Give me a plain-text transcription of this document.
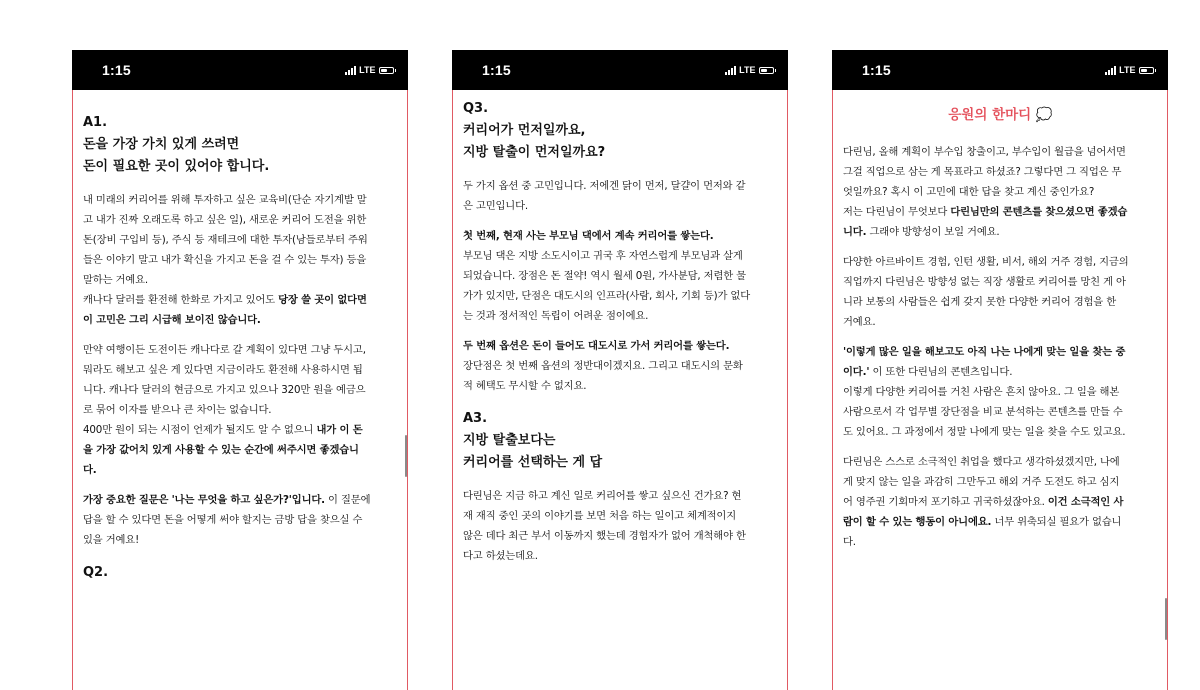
1:15	LTE

A1.

돈을 가장 가치 있게 쓰려면

돈이 필요한 곳이 있어야 합니다.

내 미래의 커리어를 위해 투자하고 싶은 교육비(단순 자기계발 말

고 내가 진짜 오래도록 하고 싶은 일), 새로운 커리어 도전을 위한

돈(장비 구입비 등), 주식 등 재테크에 대한 투자(남들로부터 주워

들은 이야기 말고 내가 확신을 가지고 돈을 걸 수 있는 투자) 등을

말하는 거예요.

캐나다 달러를 환전해 한화로 가지고 있어도 당장 쓸 곳이 없다면

이 고민은 그리 시급해 보이진 않습니다.

만약 여행이든 도전이든 캐나다로 갈 계획이 있다면 그냥 두시고,

뭐라도 해보고 싶은 게 있다면 지금이라도 환전해 사용하시면 됩

니다. 캐나다 달러의 현금으로 가지고 있으나 320만 원을 예금으

로 묶어 이자를 받으나 큰 차이는 없습니다.

400만 원이 되는 시점이 언제가 될지도 알 수 없으니 내가 이 돈

을 가장 값어치 있게 사용할 수 있는 순간에 써주시면 좋겠습니

다.

가장 중요한 질문은 '나는 무엇을 하고 싶은가?'입니다. 이 질문에

답을 할 수 있다면 돈을 어떻게 써야 할지는 금방 답을 찾으실 수

있을 거예요!

Q2.

1:15	LTE

Q3.

커리어가 먼저일까요,

지방 탈출이 먼저일까요?

두 가지 옵션 중 고민입니다. 저에겐 닭이 먼저, 달걀이 먼저와 같

은 고민입니다.

첫 번째, 현재 사는 부모님 댁에서 계속 커리어를 쌓는다.

부모님 댁은 지방 소도시이고 귀국 후 자연스럽게 부모님과 살게

되었습니다. 장점은 돈 절약! 역시 월세 0원, 가사분담, 저렴한 물

가가 있지만, 단점은 대도시의 인프라(사람, 회사, 기회 등)가 없다

는 것과 정서적인 독립이 어려운 점이에요.

두 번째 옵션은 돈이 들어도 대도시로 가서 커리어를 쌓는다.

장단점은 첫 번째 옵션의 정반대이겠지요. 그리고 대도시의 문화

적 혜택도 무시할 수 없지요.

A3.

지방 탈출보다는

커리어를 선택하는 게 답

다린님은 지금 하고 계신 일로 커리어를 쌓고 싶으신 건가요? 현

재 재직 중인 곳의 이야기를 보면 처음 하는 일이고 체계적이지

않은 데다 최근 부서 이동까지 했는데 경험자가 없어 개척해야 한

다고 하셨는데요.

1:15	LTE

응원의 한마디 💭

다린님, 올해 계획이 부수입 창출이고, 부수입이 월급을 넘어서면

그걸 직업으로 삼는 게 목표라고 하셨죠? 그렇다면 그 직업은 무

엇일까요? 혹시 이 고민에 대한 답을 찾고 계신 중인가요?

저는 다린님이 무엇보다 다린님만의 콘텐츠를 찾으셨으면 좋겠습

니다. 그래야 방향성이 보일 거예요.

다양한 아르바이트 경험, 인턴 생활, 비서, 해외 거주 경험, 지금의

직업까지 다린님은 방향성 없는 직장 생활로 커리어를 망친 게 아

니라 보통의 사람들은 쉽게 갖지 못한 다양한 커리어 경험을 한

거예요.

'이렇게 많은 일을 해보고도 아직 나는 나에게 맞는 일을 찾는 중

이다.' 이 또한 다린님의 콘텐츠입니다.

이렇게 다양한 커리어를 거친 사람은 흔치 않아요. 그 일을 해본

사람으로서 각 업무별 장단점을 비교 분석하는 콘텐츠를 만들 수

도 있어요. 그 과정에서 정말 나에게 맞는 일을 찾을 수도 있고요.

다린님은 스스로 소극적인 취업을 했다고 생각하셨겠지만, 나에

게 맞지 않는 일을 과감히 그만두고 해외 거주 도전도 하고 심지

어 영주권 기회마저 포기하고 귀국하셨잖아요. 이건 소극적인 사

람이 할 수 있는 행동이 아니에요. 너무 위축되실 필요가 없습니

다.
